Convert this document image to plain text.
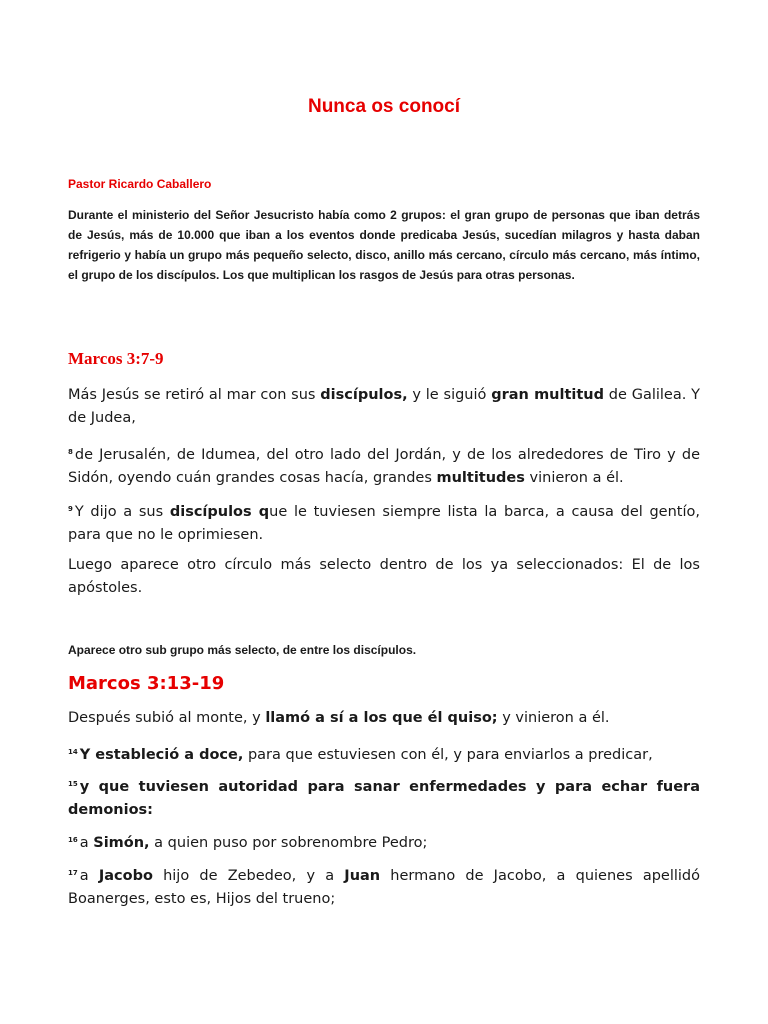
Nunca os conocí

Pastor Ricardo Caballero

Durante el ministerio del Señor Jesucristo había como 2 grupos: el gran grupo de personas que iban detrás de Jesús, más de 10.000 que iban a los eventos donde predicaba Jesús, sucedían milagros y hasta daban refrigerio y había un grupo más pequeño selecto, disco, anillo más cercano, círculo más cercano, más íntimo, el grupo de los discípulos. Los que multiplican los rasgos de Jesús para otras personas.

Marcos 3:7-9

Más Jesús se retiró al mar con sus discípulos, y le siguió gran multitud de Galilea. Y de Judea,

$^8$ de Jerusalén, de Idumea, del otro lado del Jordán, y de los alrededores de Tiro y de Sidón, oyendo cuán grandes cosas hacía, grandes multitudes vinieron a él.

$^9$ Y dijo a sus discípulos que le tuviesen siempre lista la barca, a causa del gentío, para que no le oprimiesen.

Luego aparece otro círculo más selecto dentro de los ya seleccionados: El de los apóstoles.

Aparece otro sub grupo más selecto, de entre los discípulos.

Marcos 3:13-19

Después subió al monte, y llamó a sí a los que él quiso; y vinieron a él.

$^{14}$ Y estableció a doce, para que estuviesen con él, y para enviarlos a predicar,

$^{15}$ y que tuviesen autoridad para sanar enfermedades y para echar fuera demonios:

$^{16}$ a Simón, a quien puso por sobrenombre Pedro;

$^{17}$ a Jacobo hijo de Zebedeo, y a Juan hermano de Jacobo, a quienes apellidó Boanerges, esto es, Hijos del trueno;
